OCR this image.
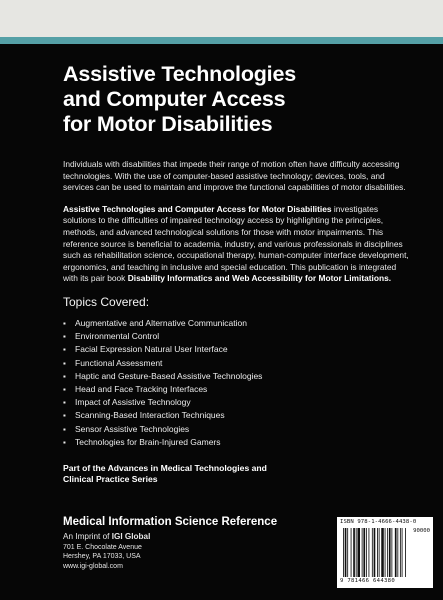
Assistive Technologies
and Computer Access
for Motor Disabilities

Individuals with disabilities that impede their range of motion often have difficulty accessing technologies. With the use of computer-based assistive technology; devices, tools, and services can be used to maintain and improve the functional capabilities of motor disabilities.

Assistive Technologies and Computer Access for Motor Disabilities investigates solutions to the difficulties of impaired technology access by highlighting the principles, methods, and advanced technological solutions for those with motor impairments. This reference source is beneficial to academia, industry, and various professionals in disciplines such as rehabilitation science, occupational therapy, human-computer interface development, ergonomics, and teaching in inclusive and special education. This publication is integrated with its pair book Disability Informatics and Web Accessibility for Motor Limitations.

Topics Covered:
▪ Augmentative and Alternative Communication
▪ Environmental Control
▪ Facial Expression Natural User Interface
▪ Functional Assessment
▪ Haptic and Gesture-Based Assistive Technologies
▪ Head and Face Tracking Interfaces
▪ Impact of Assistive Technology
▪ Scanning-Based Interaction Techniques
▪ Sensor Assistive Technologies
▪ Technologies for Brain-Injured Gamers
Part of the Advances in Medical Technologies and
Clinical Practice Series
Medical Information Science Reference
An Imprint of IGI Global
701 E. Chocolate Avenue
Hershey, PA 17033, USA
www.igi-global.com
ISBN 978-1-4666-4438-0
90000
9 781466 644380
